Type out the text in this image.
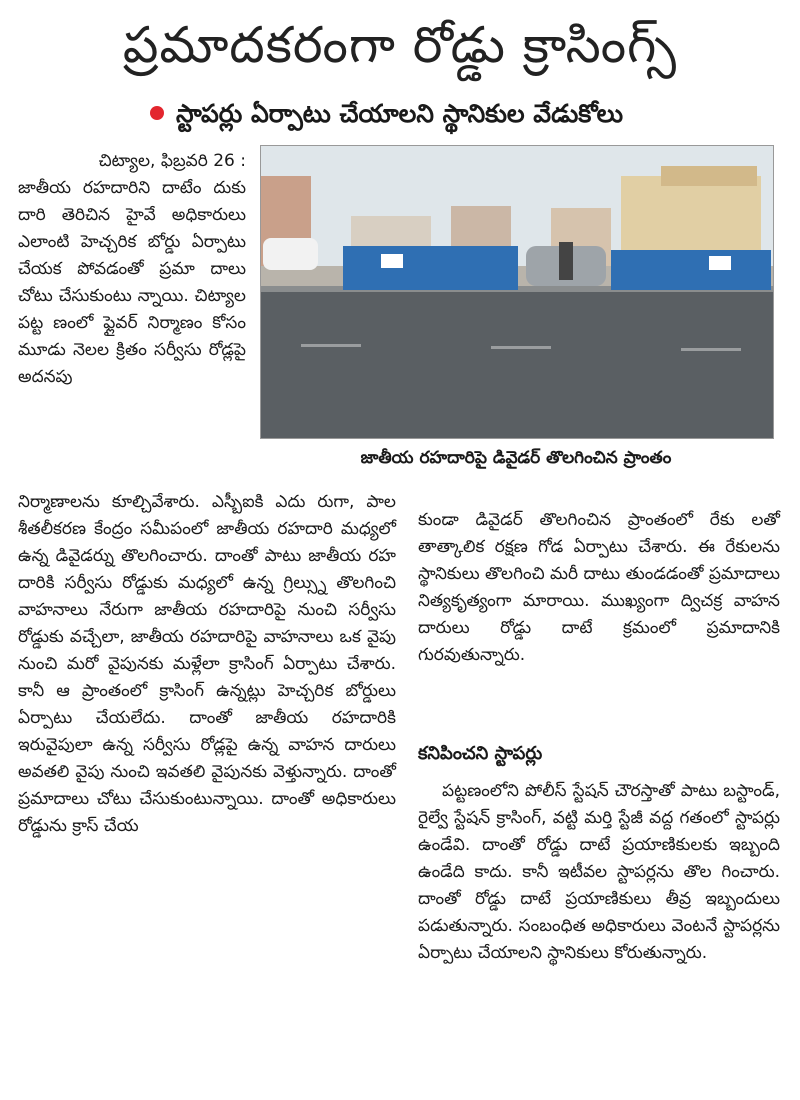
ప్రమాదకరంగా రోడ్డు క్రాసింగ్స్
స్టాపర్లు ఏర్పాటు చేయాలని స్థానికుల వేడుకోలు

చిట్యాల, ఫిబ్రవరి 26 :

జాతీయ రహదారిని దాటేం దుకు దారి తెరిచిన హైవే అధికారులు ఎలాంటి హెచ్చరిక బోర్డు ఏర్పాటు చేయక పోవడంతో ప్రమా దాలు చోటు చేసుకుంటు న్నాయి. చిట్యాల పట్ట ణంలో ఫ్లైవర్ నిర్మాణం కోసం మూడు నెలల క్రితం సర్వీసు రోడ్లపై అదనపు

జాతీయ రహదారిపై డివైడర్ తొలగించిన ప్రాంతం

నిర్మాణాలను కూల్చివేశారు. ఎస్బీఐకి ఎదు రుగా, పాల శీతలీకరణ కేంద్రం సమీపంలో జాతీయ రహదారి మధ్యలో ఉన్న డివైడర్ను తొలగించారు. దాంతో పాటు జాతీయ రహ దారికి సర్వీసు రోడ్డుకు మధ్యలో ఉన్న గ్రిల్స్ను తొలగించి వాహనాలు నేరుగా జాతీయ రహదారిపై నుంచి సర్వీసు రోడ్డుకు వచ్చేలా, జాతీయ రహదారిపై వాహనాలు ఒక వైపు నుంచి మరో వైపునకు మళ్లేలా క్రాసింగ్ ఏర్పాటు చేశారు. కానీ ఆ ప్రాంతంలో క్రాసింగ్ ఉన్నట్లు హెచ్చరిక బోర్డులు ఏర్పాటు చేయలేదు. దాంతో జాతీయ రహదారికి ఇరువైపులా ఉన్న సర్వీసు రోడ్లపై ఉన్న వాహన దారులు అవతలి వైపు నుంచి ఇవతలి వైపునకు వెళ్తున్నారు. దాంతో ప్రమాదాలు చోటు చేసుకుంటున్నాయి. దాంతో అధికారులు రోడ్డును క్రాస్ చేయ

కుండా డివైడర్ తొలగించిన ప్రాంతంలో రేకు లతో తాత్కాలిక రక్షణ గోడ ఏర్పాటు చేశారు. ఈ రేకులను స్థానికులు తొలగించి మరీ దాటు తుండడంతో ప్రమాదాలు నిత్యకృత్యంగా మారాయి. ముఖ్యంగా ద్విచక్ర వాహన దారులు రోడ్డు దాటే క్రమంలో ప్రమాదానికి గురవుతున్నారు.

కనిపించని స్టాపర్లు

పట్టణంలోని పోలీస్ స్టేషన్ చౌరస్తాతో పాటు బస్టాండ్, రైల్వే స్టేషన్ క్రాసింగ్, వట్టి మర్తి స్టేజీ వద్ద గతంలో స్టాపర్లు ఉండేవి. దాంతో రోడ్డు దాటే ప్రయాణికులకు ఇబ్బంది ఉండేది కాదు. కానీ ఇటీవల స్టాపర్లను తొల గించారు. దాంతో రోడ్డు దాటే ప్రయాణికులు తీవ్ర ఇబ్బందులు పడుతున్నారు. సంబంధిత అధికారులు వెంటనే స్టాపర్లను ఏర్పాటు చేయాలని స్థానికులు కోరుతున్నారు.
